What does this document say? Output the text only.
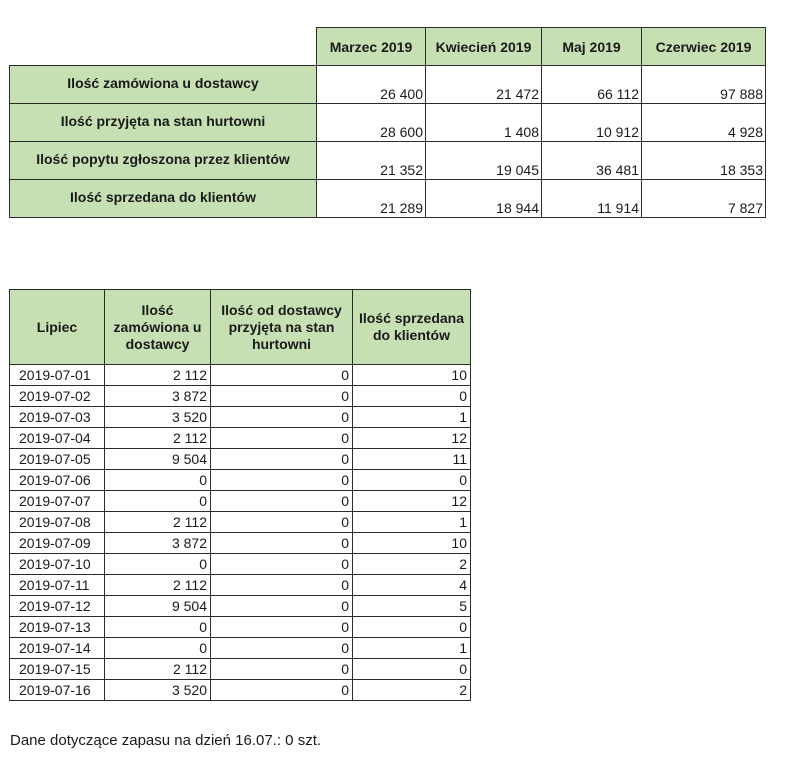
	Marzec 2019	Kwiecień 2019	Maj 2019	Czerwiec 2019
Ilość zamówiona u dostawcy	26 400	21 472	66 112	97 888
Ilość przyjęta na stan hurtowni	28 600	1 408	10 912	4 928
Ilość popytu zgłoszona przez klientów	21 352	19 045	36 481	18 353
Ilość sprzedana do klientów	21 289	18 944	11 914	7 827
Lipiec	Ilość zamówiona u dostawcy	Ilość od dostawcy przyjęta na stan hurtowni	Ilość sprzedana do klientów
2019-07-01	2 112	0	10
2019-07-02	3 872	0	0
2019-07-03	3 520	0	1
2019-07-04	2 112	0	12
2019-07-05	9 504	0	11
2019-07-06	0	0	0
2019-07-07	0	0	12
2019-07-08	2 112	0	1
2019-07-09	3 872	0	10
2019-07-10	0	0	2
2019-07-11	2 112	0	4
2019-07-12	9 504	0	5
2019-07-13	0	0	0
2019-07-14	0	0	1
2019-07-15	2 112	0	0
2019-07-16	3 520	0	2
Dane dotyczące zapasu na dzień 16.07.: 0 szt.
